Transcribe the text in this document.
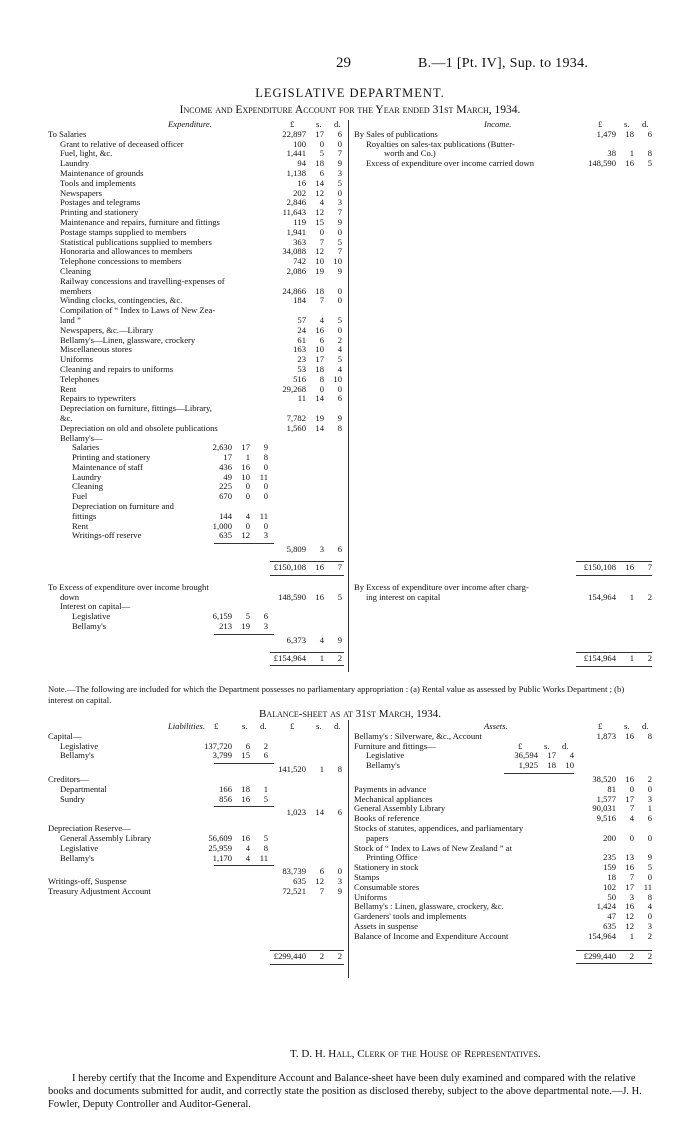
29	B.—1 [Pt. IV], Sup. to 1934.
LEGISLATIVE DEPARTMENT.
Income and Expenditure Account for the Year ended 31st March, 1934.
Expenditure.	£	s. d.
To Salaries	22,897 17 6
Grant to relative of deceased officer	100 0 0
Fuel, light, &c.	1,441 5 7
Laundry	94 18 9
Maintenance of grounds	1,138 6 3
Tools and implements	16 14 5
Newspapers	202 12 0
Postages and telegrams	2,846 4 3
Printing and stationery	11,643 12 7
Maintenance and repairs, furniture and fittings	119 15 9
Postage stamps supplied to members	1,941 0 0
Statistical publications supplied to members	363 7 5
Honoraria and allowances to members	34,088 12 7
Telephone concessions to members	742 10 10
Cleaning	2,086 19 9
Railway concessions and travelling-expenses of
members	24,866 18 0
Winding clocks, contingencies, &c.	184 7 0
Compilation of “ Index to Laws of New Zea-
land ”	57 4 5
Newspapers, &c.—Library	24 16 0
Bellamy's—Linen, glassware, crockery	61 6 2
Miscellaneous stores	163 10 4
Uniforms	23 17 5
Cleaning and repairs to uniforms	53 18 4
Telephones	516 8 10
Rent	29,268 0 0
Repairs to typewriters	11 14 6
Depreciation on furniture, fittings—Library,
&c.	7,782 19 9
Depreciation on old and obsolete publications	1,560 14 8
Bellamy's—
Salaries	2,630 17 9
Printing and stationery	17 1 8
Maintenance of staff	436 16 0
Laundry	49 10 11
Cleaning	225 0 0
Fuel	670 0 0
Depreciation on furniture and
fittings	144 4 11
Rent	1,000 0 0
Writings-off reserve	635 12 3
5,809 3 6
£150,108 16 7
To Excess of expenditure over income brought
down	148,590 16 5
Interest on capital—
Legislative	6,159 5 6
Bellamy's	213 19 3
6,373 4 9
£154,964 1 2
Income.	£	s. d.
By Sales of publications	1,479 18 6
Royalties on sales-tax publications (Butter-
worth and Co.)	38 1 8
Excess of expenditure over income carried down	148,590 16 5
£150,108 16 7
By Excess of expenditure over income after charg-
ing interest on capital	154,964 1 2
£154,964 1 2
Note.—The following are included for which the Department possesses no parliamentary appropriation : (a) Rental value as assessed by Public Works Department ; (b) interest on capital.
Balance-sheet as at 31st March, 1934.
Liabilities. £	s. d.	£	s. d.
Capital—
Legislative	137,720 6 2
Bellamy's	3,799 15 6
141,520 1 8
Creditors—
Departmental	166 18 1
Sundry	856 16 5
1,023 14 6
Depreciation Reserve—
General Assembly Library	56,609 16 5
Legislative	25,959 4 8
Bellamy's	1,170 4 11
83,739 6 0
Writings-off, Suspense	635 12 3
Treasury Adjustment Account	72,521 7 9
£299,440 2 2
Assets.	£	s. d.
Bellamy's : Silverware, &c., Account	1,873 16 8
Furniture and fittings—	£	s. d.
Legislative	36,594 17 4
Bellamy's	1,925 18 10
38,520 16 2
Payments in advance	81 0 0
Mechanical appliances	1,577 17 3
General Assembly Library	90,031 7 1
Books of reference	9,516 4 6
Stocks of statutes, appendices, and parliamentary
papers	200 0 0
Stock of “ Index to Laws of New Zealand ” at
Printing Office	235 13 9
Stationery in stock	159 16 5
Stamps	18 7 0
Consumable stores	102 17 11
Uniforms	50 3 8
Bellamy's : Linen, glassware, crockery, &c.	1,424 16 4
Gardeners' tools and implements	47 12 0
Assets in suspense	635 12 3
Balance of Income and Expenditure Account	154,964 1 2
£299,440 2 2
T. D. H. Hall, Clerk of the House of Representatives.
I hereby certify that the Income and Expenditure Account and Balance-sheet have been duly examined and compared with the relative books and documents submitted for audit, and correctly state the position as disclosed thereby, subject to the above departmental note.—J. H. Fowler, Deputy Controller and Auditor-General.
